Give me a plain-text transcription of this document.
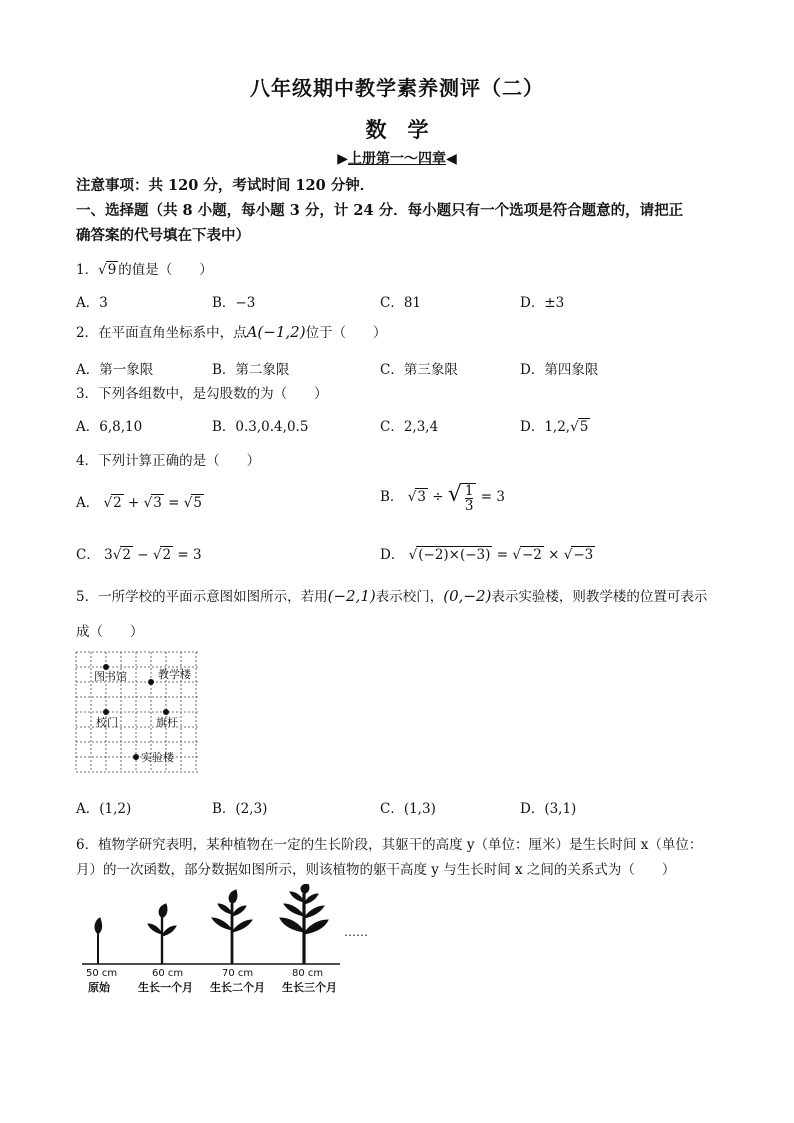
八年级期中教学素养测评（二）
数　学
▶上册第一～四章◀
注意事项：共 120 分，考试时间 120 分钟．
一、选择题（共 8 小题，每小题 3 分，计 24 分．每小题只有一个选项是符合题意的，请把正
确答案的代号填在下表中）
1．√9 的值是（　　）
A．3	B．−3	C．81	D．±3
2．在平面直角坐标系中，点A(−1,2)位于（　　）
A．第一象限	B．第二象限	C．第三象限	D．第四象限
3．下列各组数中，是勾股数的为（　　）
A．6,8,10	B．0.3,0.4,0.5	C．2,3,4	D．1,2,√5
4．下列计算正确的是（　　）
A． √2 + √3 = √5	B． √3 ÷ √ $\frac{1}{3} = 3$
C． 3√2 − √2 = 3	D． √(−2)×(−3) = √−2 × √−3
5．一所学校的平面示意图如图所示，若用(−2,1)表示校门，(0,−2)表示实验楼，则教学楼的位置可表示
成（　　）
图书馆	教学楼
校门	旗杆
实验楼
A．(1,2)	B．(2,3)	C．(1,3)	D．(3,1)
6．植物学研究表明，某种植物在一定的生长阶段，其躯干的高度 y（单位：厘米）是生长时间 x（单位：
月）的一次函数，部分数据如图所示，则该植物的躯干高度 y 与生长时间 x 之间的关系式为（　　）
……
50 cm	60 cm	70 cm	80 cm
原始	生长一个月 生长二个月 生长三个月
